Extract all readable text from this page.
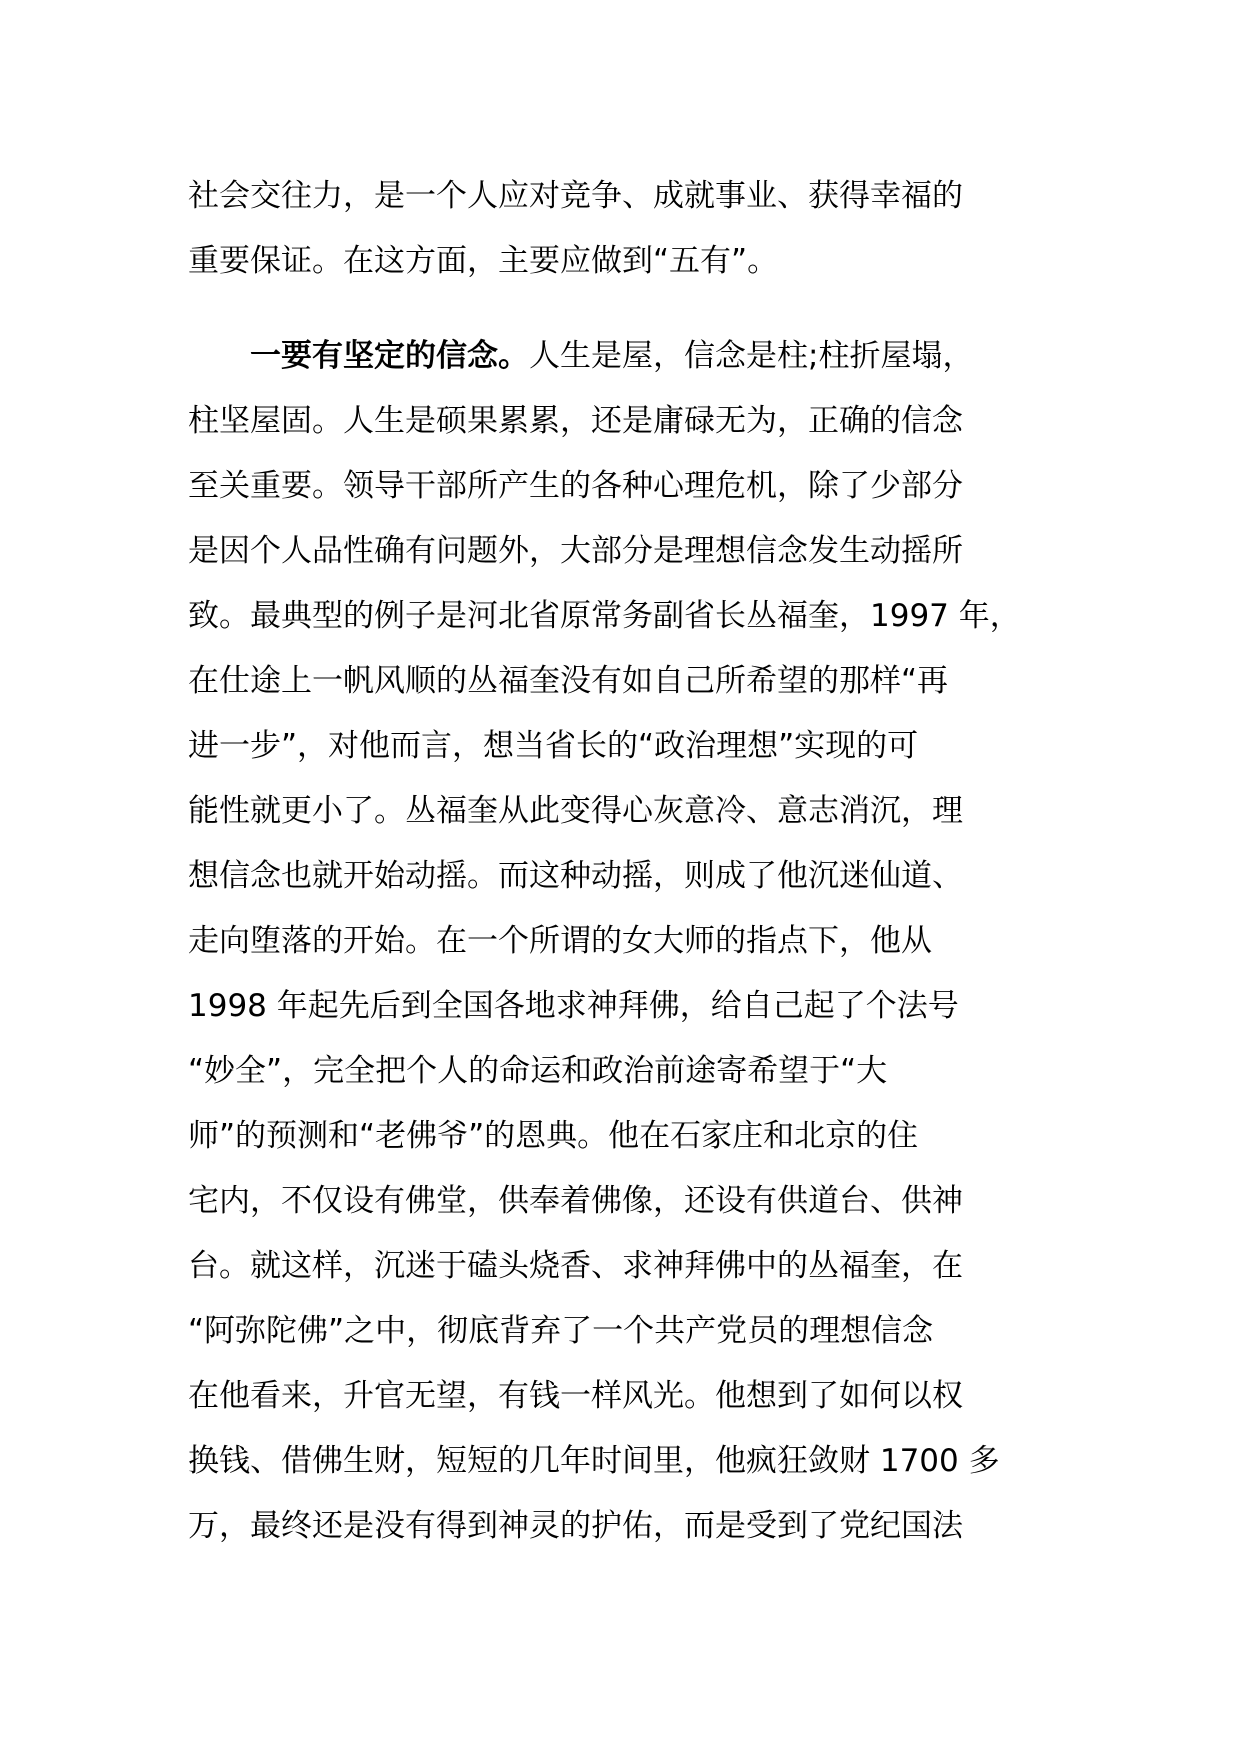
社会交往力，是一个人应对竞争、成就事业、获得幸福的
重要保证。在这方面，主要应做到“五有”。
一要有坚定的信念。人生是屋，信念是柱;柱折屋塌，
柱坚屋固。人生是硕果累累，还是庸碌无为，正确的信念
至关重要。领导干部所产生的各种心理危机，除了少部分
是因个人品性确有问题外，大部分是理想信念发生动摇所
致。最典型的例子是河北省原常务副省长丛福奎，1997 年，
在仕途上一帆风顺的丛福奎没有如自己所希望的那样“再
进一步”，对他而言，想当省长的“政治理想”实现的可
能性就更小了。丛福奎从此变得心灰意冷、意志消沉，理
想信念也就开始动摇。而这种动摇，则成了他沉迷仙道、
走向堕落的开始。在一个所谓的女大师的指点下，他从
1998 年起先后到全国各地求神拜佛，给自己起了个法号
“妙全”，完全把个人的命运和政治前途寄希望于“大
师”的预测和“老佛爷”的恩典。他在石家庄和北京的住
宅内，不仅设有佛堂，供奉着佛像，还设有供道台、供神
台。就这样，沉迷于磕头烧香、求神拜佛中的丛福奎，在
“阿弥陀佛”之中，彻底背弃了一个共产党员的理想信念
在他看来，升官无望，有钱一样风光。他想到了如何以权
换钱、借佛生财，短短的几年时间里，他疯狂敛财 1700 多
万，最终还是没有得到神灵的护佑，而是受到了党纪国法
